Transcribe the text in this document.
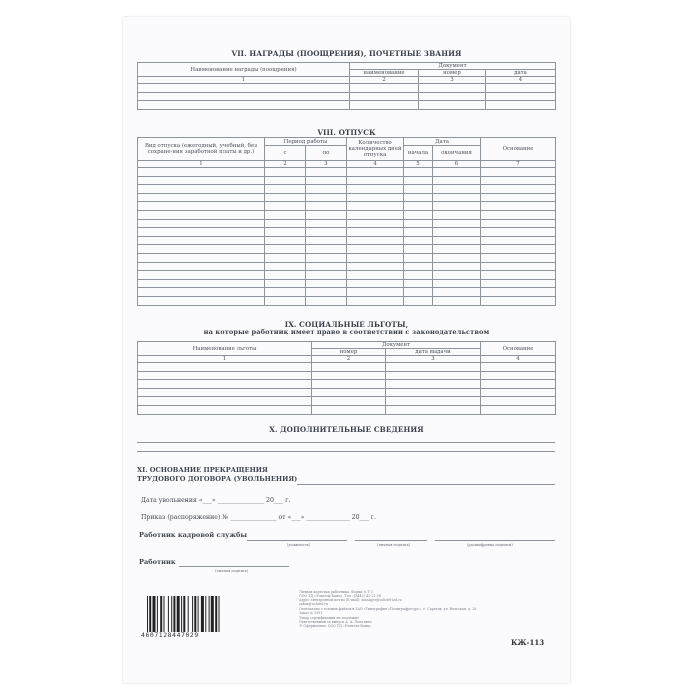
VII. НАГРАДЫ (ПООЩРЕНИЯ), ПОЧЕТНЫЕ ЗВАНИЯ
Наименование награды (поощрения)	Документ		
	наименование	номер	дата
1	2	3	4

VIII. ОТПУСК
Вид отпуска (ежегодный, учебный, без сохране-ния заработной платы и др.)	Период работы		Количество календарных дней отпуска	Дата		Основание
	с	по		начала	окончания	
1	2	3	4	5	6	7

IX. СОЦИАЛЬНЫЕ ЛЬГОТЫ,
на которые работник имеет право в соответствии с законодательством
Наименование льготы	Документ		Основание
	номер	дата выдачи	
1	2	3	4

X. ДОПОЛНИТЕЛЬНЫЕ СВЕДЕНИЯ
XI. ОСНОВАНИЕ ПРЕКРАЩЕНИЯ
ТРУДОВОГО ДОГОВОРА (УВОЛЬНЕНИЯ)
Дата увольнения «___» _______________ 20___ г.
Приказ (распоряжение) № _______________ от «___» ______________ 20___ г.
Работник кадровой службы
(должность)	(личная подпись)	(расшифровка подписи)
Работник
(личная подпись)
4607128447029
Личная карточка работника. Форма № Т-2
ООО ТД «Учитель-Канц». Тел.: (8442) 42-21-58
Адрес электронной почты (E-mail): manager@uchitel-izd.ru
zakaz@uchitel.ru
Отпечатано с готовых файлов в ЗАО «Типография «Полиграфресурс», г. Саратов, ул. Вольская, д. 28
Заказ № 1951
Товар сертификации не подлежит
Ответственный за выпуск А. А. Лопатина
© Оформление. ООО ТД «Учитель-Канц»
КЖ-113
